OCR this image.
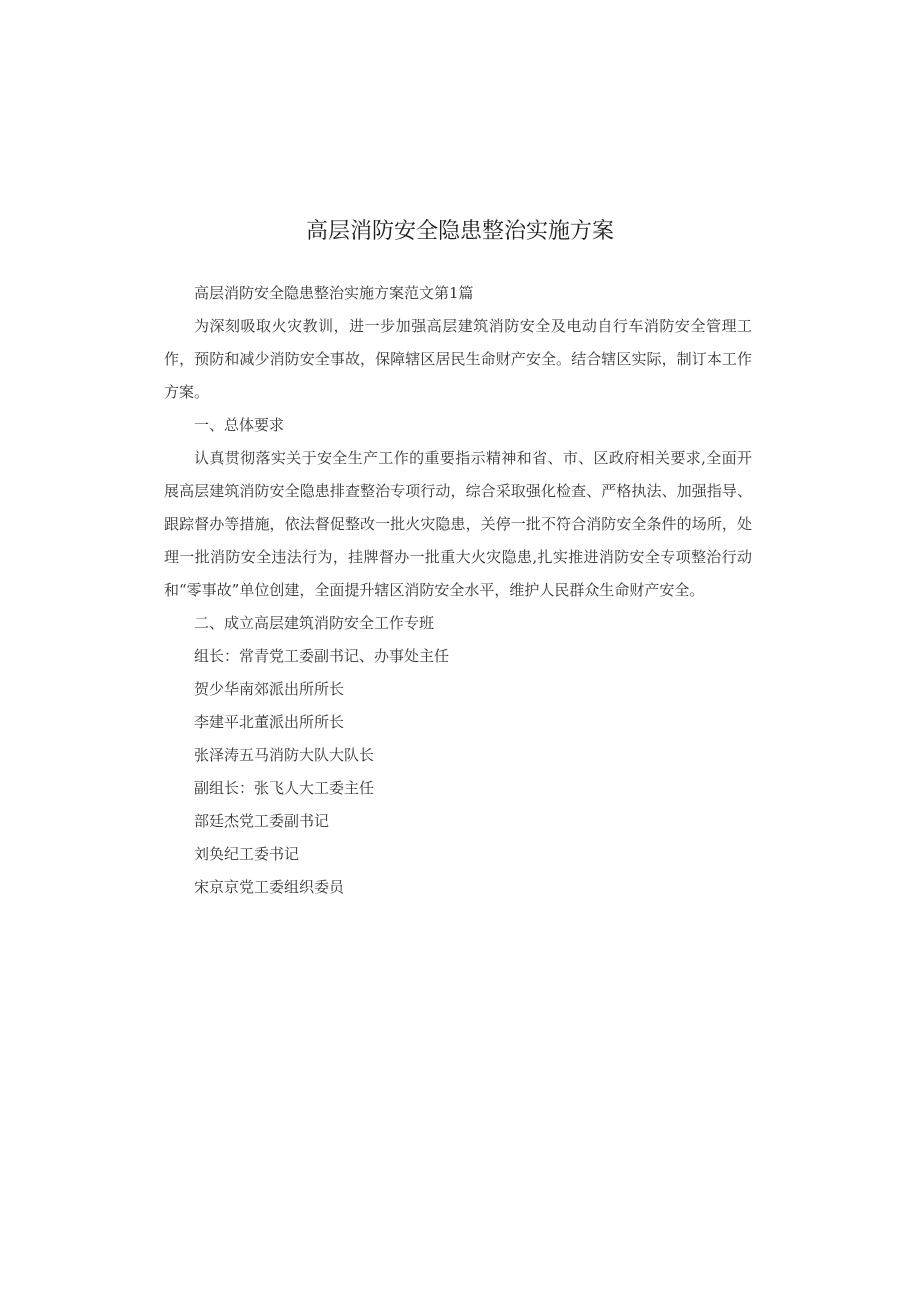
高层消防安全隐患整治实施方案

高层消防安全隐患整治实施方案范文第1篇

为深刻吸取火灾教训，进一步加强高层建筑消防安全及电动自行车消防安全管理工作，预防和减少消防安全事故，保障辖区居民生命财产安全。结合辖区实际，制订本工作方案。

一、总体要求

认真贯彻落实关于安全生产工作的重要指示精神和省、市、区政府相关要求,全面开展高层建筑消防安全隐患排查整治专项行动，综合采取强化检查、严格执法、加强指导、跟踪督办等措施，依法督促整改一批火灾隐患，关停一批不符合消防安全条件的场所，处理一批消防安全违法行为，挂牌督办一批重大火灾隐患,扎实推进消防安全专项整治行动和“零事故”单位创建，全面提升辖区消防安全水平，维护人民群众生命财产安全。

二、成立高层建筑消防安全工作专班

组长：常青党工委副书记、办事处主任

贺少华南郊派出所所长

李建平北董派出所所长

张泽涛五马消防大队大队长

副组长：张飞人大工委主任

部廷杰党工委副书记

刘奂纪工委书记

宋京京党工委组织委员
